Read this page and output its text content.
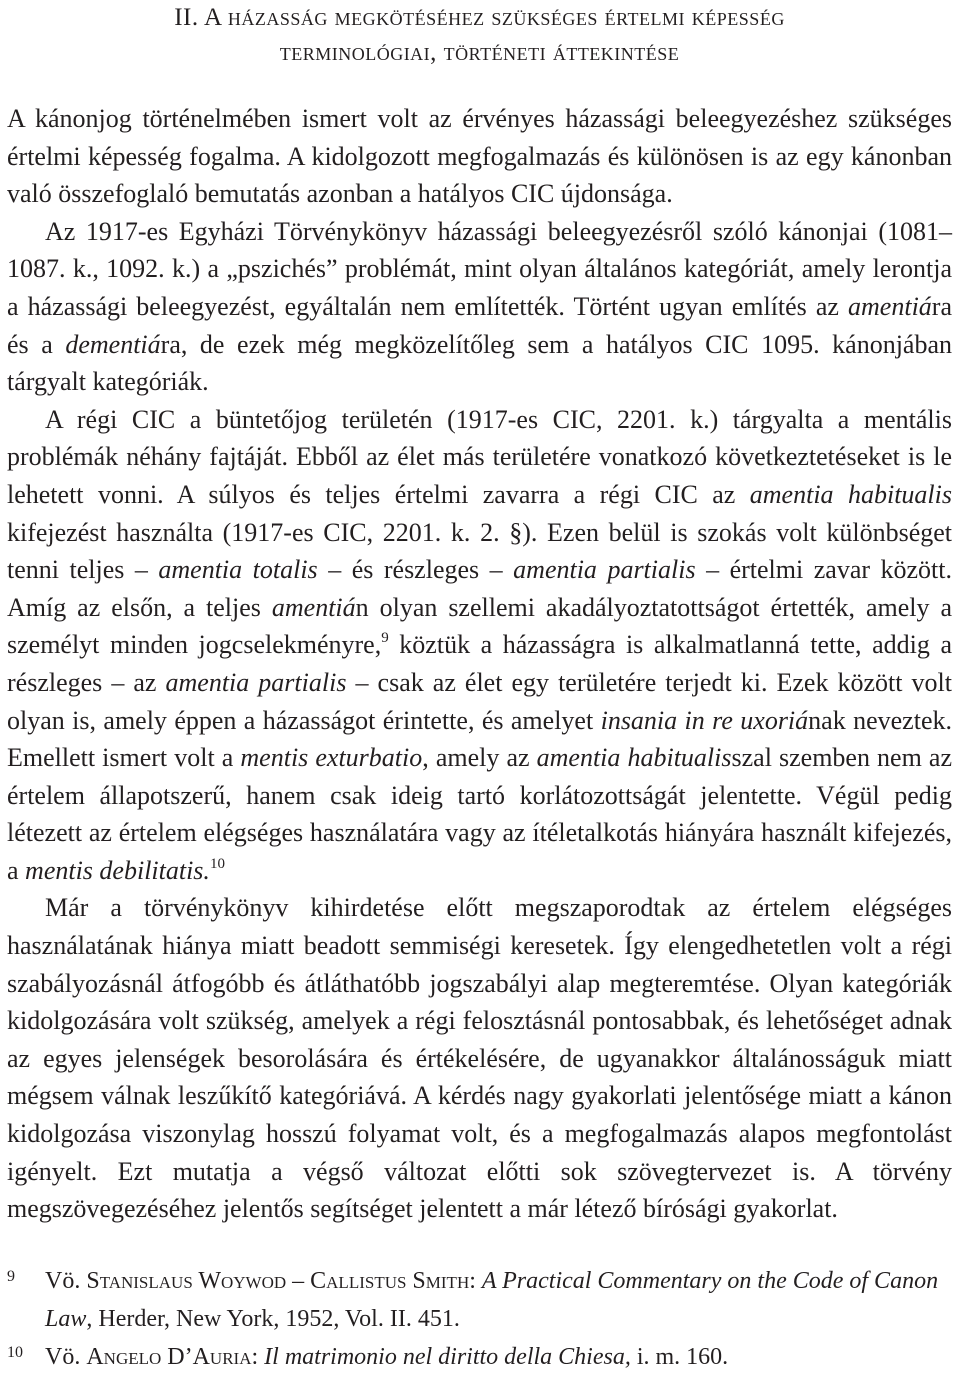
II. A házasság megkötéséhez szükséges értelmi képesség
terminológiai, történeti áttekintése

A kánonjog történelmében ismert volt az érvényes házassági beleegyezéshez szükséges értelmi képesség fogalma. A kidolgozott megfogalmazás és különösen is az egy kánonban való összefoglaló bemutatás azonban a hatályos CIC újdonsága.

Az 1917-es Egyházi Törvénykönyv házassági beleegyezésről szóló kánonjai (1081–1087. k., 1092. k.) a „pszichés” problémát, mint olyan általános kategóriát, amely lerontja a házassági beleegyezést, egyáltalán nem említették. Történt ugyan említés az amentiára és a dementiára, de ezek még megközelítőleg sem a hatályos CIC 1095. kánonjában tárgyalt kategóriák.

A régi CIC a büntetőjog területén (1917-es CIC, 2201. k.) tárgyalta a mentális problémák néhány fajtáját. Ebből az élet más területére vonatkozó következtetéseket is le lehetett vonni. A súlyos és teljes értelmi zavarra a régi CIC az amentia habitualis kifejezést használta (1917-es CIC, 2201. k. 2. §). Ezen belül is szokás volt különbséget tenni teljes – amentia totalis – és részleges – amentia partialis – értelmi zavar között. Amíg az elsőn, a teljes amentián olyan szellemi akadályoztatottságot értették, amely a személyt minden jogcselekményre,$^9$ köztük a házasságra is alkalmatlanná tette, addig a részleges – az amentia partialis – csak az élet egy területére terjedt ki. Ezek között volt olyan is, amely éppen a házasságot érintette, és amelyet insania in re uxoriának neveztek. Emellett ismert volt a mentis exturbatio, amely az amentia habitualisszal szemben nem az értelem állapotszerű, hanem csak ideig tartó korlátozottságát jelentette. Végül pedig létezett az értelem elégséges használatára vagy az ítéletalkotás hiányára használt kifejezés, a mentis debilitatis.$^{10}$

Már a törvénykönyv kihirdetése előtt megszaporodtak az értelem elégséges használatának hiánya miatt beadott semmiségi keresetek. Így elengedhetetlen volt a régi szabályozásnál átfogóbb és átláthatóbb jogszabályi alap megteremtése. Olyan kategóriák kidolgozására volt szükség, amelyek a régi felosztásnál pontosabbak, és lehetőséget adnak az egyes jelenségek besorolására és értékelésére, de ugyanakkor általánosságuk miatt mégsem válnak leszűkítő kategóriává. A kérdés nagy gyakorlati jelentősége miatt a kánon kidolgozása viszonylag hosszú folyamat volt, és a megfogalmazás alapos megfontolást igényelt. Ezt mutatja a végső változat előtti sok szövegtervezet is. A törvény megszövegezéséhez jelentős segítséget jelentett a már létező bírósági gyakorlat.

9 Vö. Stanislaus Woywod – Callistus Smith: A Practical Commentary on the Code of Canon Law, Herder, New York, 1952, Vol. II. 451.
10 Vö. Angelo D’Auria: Il matrimonio nel diritto della Chiesa, i. m. 160.
